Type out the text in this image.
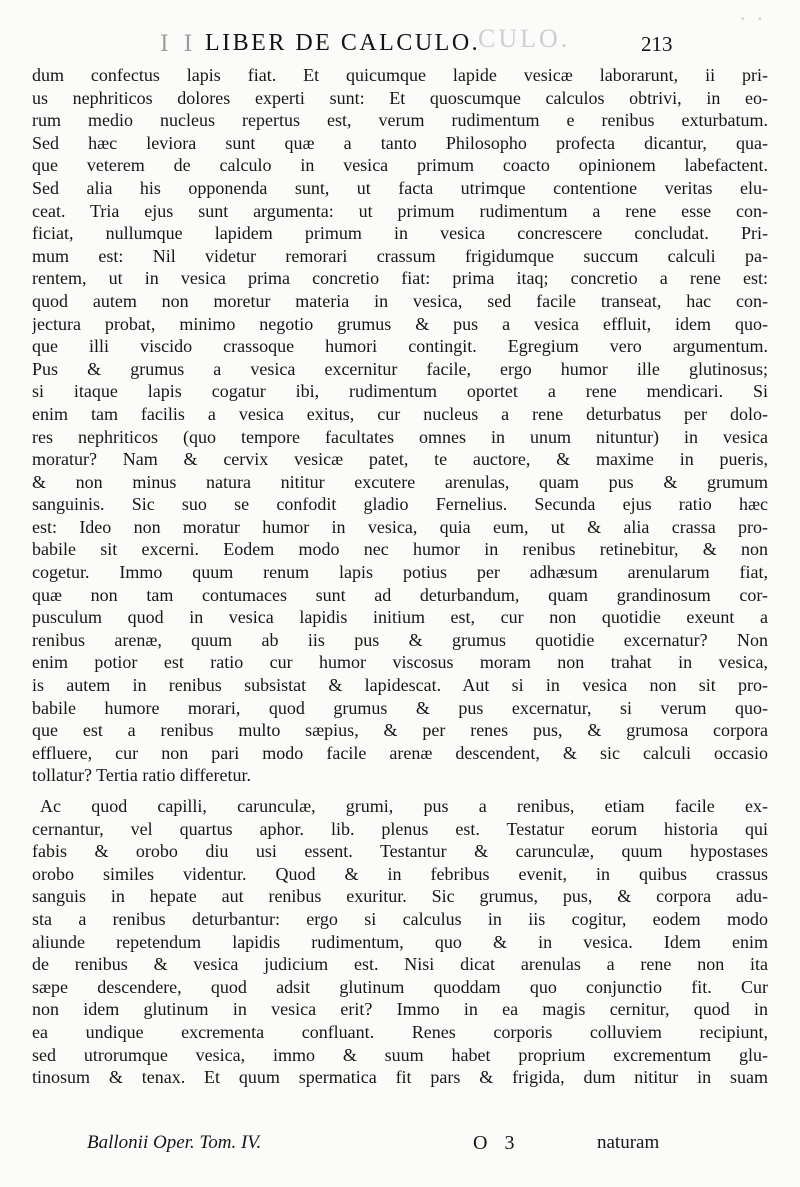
CULO.
. .
I I LIBER DE CALCULO.	213
dum confectus lapis fiat. Et quicumque lapide vesicæ laborarunt, ii pri-
us nephriticos dolores experti sunt: Et quoscumque calculos obtrivi, in eo-
rum medio nucleus repertus est, verum rudimentum e renibus exturbatum.
Sed hæc leviora sunt quæ a tanto Philosopho profecta dicantur, qua-
que veterem de calculo in vesica primum coacto opinionem labefactent.
Sed alia his opponenda sunt, ut facta utrimque contentione veritas elu-
ceat. Tria ejus sunt argumenta: ut primum rudimentum a rene esse con-
ficiat, nullumque lapidem primum in vesica concrescere concludat. Pri-
mum est: Nil videtur remorari crassum frigidumque succum calculi pa-
rentem, ut in vesica prima concretio fiat: prima itaq; concretio a rene est:
quod autem non moretur materia in vesica, sed facile transeat, hac con-
jectura probat, minimo negotio grumus & pus a vesica effluit, idem quo-
que illi viscido crassoque humori contingit. Egregium vero argumentum.
Pus & grumus a vesica excernitur facile, ergo humor ille glutinosus;
si itaque lapis cogatur ibi, rudimentum oportet a rene mendicari. Si
enim tam facilis a vesica exitus, cur nucleus a rene deturbatus per dolo-
res nephriticos (quo tempore facultates omnes in unum nituntur) in vesica
moratur? Nam & cervix vesicæ patet, te auctore, & maxime in pueris,
& non minus natura nititur excutere arenulas, quam pus & grumum
sanguinis. Sic suo se confodit gladio Fernelius. Secunda ejus ratio hæc
est: Ideo non moratur humor in vesica, quia eum, ut & alia crassa pro-
babile sit excerni. Eodem modo nec humor in renibus retinebitur, & non
cogetur. Immo quum renum lapis potius per adhæsum arenularum fiat,
quæ non tam contumaces sunt ad deturbandum, quam grandinosum cor-
pusculum quod in vesica lapidis initium est, cur non quotidie exeunt a
renibus arenæ, quum ab iis pus & grumus quotidie excernatur? Non
enim potior est ratio cur humor viscosus moram non trahat in vesica,
is autem in renibus subsistat & lapidescat. Aut si in vesica non sit pro-
babile humore morari, quod grumus & pus excernatur, si verum quo-
que est a renibus multo sæpius, & per renes pus, & grumosa corpora
effluere, cur non pari modo facile arenæ descendent, & sic calculi occasio
tollatur? Tertia ratio differetur.
Ac quod capilli, carunculæ, grumi, pus a renibus, etiam facile ex-
cernantur, vel quartus aphor. lib. plenus est. Testatur eorum historia qui
fabis & orobo diu usi essent. Testantur & carunculæ, quum hypostases
orobo similes videntur. Quod & in febribus evenit, in quibus crassus
sanguis in hepate aut renibus exuritur. Sic grumus, pus, & corpora adu-
sta a renibus deturbantur: ergo si calculus in iis cogitur, eodem modo
aliunde repetendum lapidis rudimentum, quo & in vesica. Idem enim
de renibus & vesica judicium est. Nisi dicat arenulas a rene non ita
sæpe descendere, quod adsit glutinum quoddam quo conjunctio fit. Cur
non idem glutinum in vesica erit? Immo in ea magis cernitur, quod in
ea undique excrementa confluant. Renes corporis colluviem recipiunt,
sed utrorumque vesica, immo & suum habet proprium excrementum glu-
tinosum & tenax. Et quum spermatica fit pars & frigida, dum nititur in suam
Ballonii Oper. Tom. IV.	O 3	naturam
